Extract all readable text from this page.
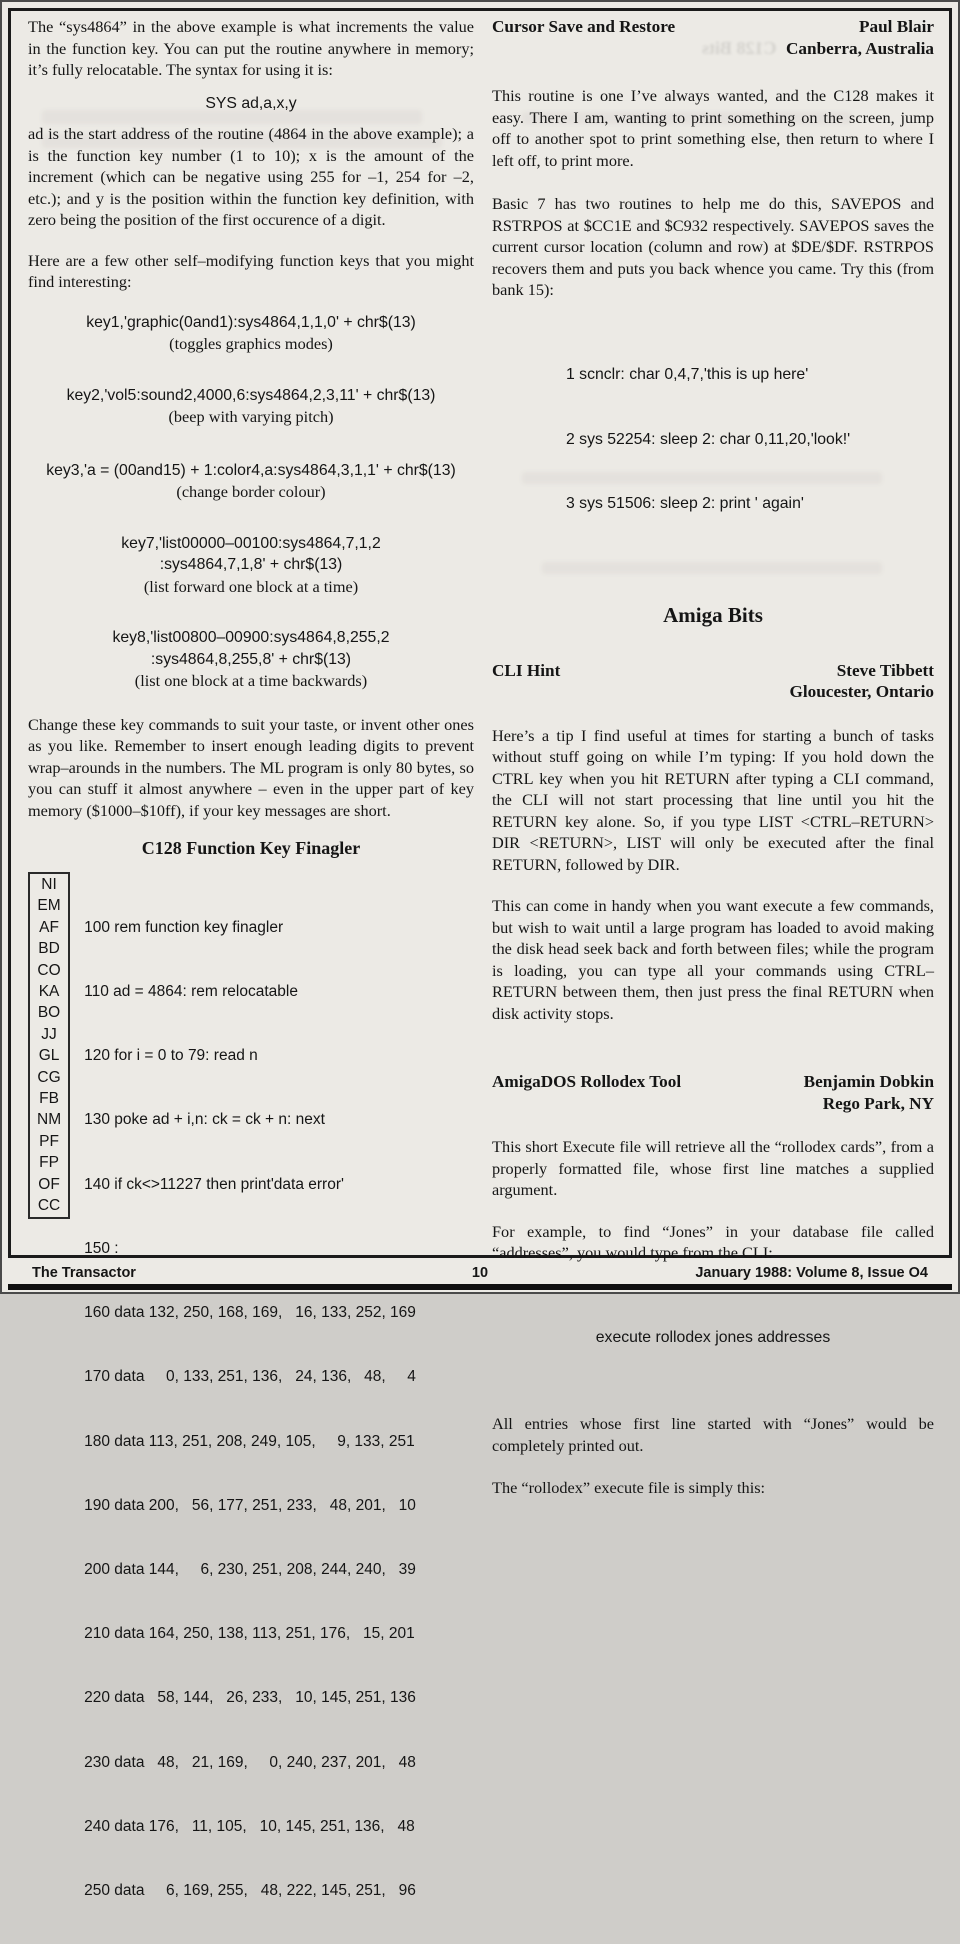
C128 Bits

The “sys4864” in the above example is what increments the value in the function key. You can put the routine anywhere in memory; it’s fully relocatable. The syntax for using it is:

SYS ad,a,x,y

ad is the start address of the routine (4864 in the above example); a is the function key number (1 to 10); x is the amount of the increment (which can be negative using 255 for –1, 254 for –2, etc.); and y is the position within the function key definition, with zero being the position of the first occurence of a digit.

Here are a few other self–modifying function keys that you might find interesting:

key1,'graphic(0and1):sys4864,1,1,0' + chr$(13)
(toggles graphics modes)
key2,'vol5:sound2,4000,6:sys4864,2,3,11' + chr$(13)
(beep with varying pitch)
key3,'a = (00and15) + 1:color4,a:sys4864,3,1,1' + chr$(13)
(change border colour)
key7,'list00000–00100:sys4864,7,1,2
:sys4864,7,1,8' + chr$(13)
(list forward one block at a time)
key8,'list00800–00900:sys4864,8,255,2
:sys4864,8,255,8' + chr$(13)
(list one block at a time backwards)

Change these key commands to suit your taste, or invent other ones as you like. Remember to insert enough leading digits to prevent wrap–arounds in the numbers. The ML program is only 80 bytes, so you can stuff it almost anywhere – even in the upper part of key memory ($1000–$10ff), if your key messages are short.

C128 Function Key Finagler
NI
EM
AF
BD
CO
KA
BO
JJ
GL
CG
FB
NM
PF
FP
OF
CC

100 rem function key finagler

110 ad = 4864: rem relocatable

120 for i = 0 to 79: read n

130 poke ad + i,n: ck = ck + n: next

140 if ck<>11227 then print'data error'

150 :

160 data 132, 250, 168, 169,   16, 133, 252, 169

170 data     0, 133, 251, 136,   24, 136,   48,     4

180 data 113, 251, 208, 249, 105,     9, 133, 251

190 data 200,   56, 177, 251, 233,   48, 201,   10

200 data 144,     6, 230, 251, 208, 244, 240,   39

210 data 164, 250, 138, 113, 251, 176,   15, 201

220 data   58, 144,   26, 233,   10, 145, 251, 136

230 data   48,   21, 169,     0, 240, 237, 201,   48

240 data 176,   11, 105,   10, 145, 251, 136,   48

250 data     6, 169, 255,   48, 222, 145, 251,   96

Cursor Save and Restore	Paul Blair
Canberra, Australia

This routine is one I’ve always wanted, and the C128 makes it easy. There I am, wanting to print something on the screen, jump off to another spot to print something else, then return to where I left off, to print more.

Basic 7 has two routines to help me do this, SAVEPOS and RSTRPOS at $CC1E and $C932 respectively. SAVEPOS saves the current cursor location (column and row) at $DE/$DF. RSTRPOS recovers them and puts you back whence you came. Try this (from bank 15):

1 scnclr: char 0,4,7,'this is up here'

2 sys 52254: sleep 2: char 0,11,20,'look!'

3 sys 51506: sleep 2: print ' again'

Amiga Bits
CLI Hint	Steve Tibbett
Gloucester, Ontario

Here’s a tip I find useful at times for starting a bunch of tasks without stuff going on while I’m typing: If you hold down the CTRL key when you hit RETURN after typing a CLI command, the CLI will not start processing that line until you hit the RETURN key alone. So, if you type LIST <CTRL–RETURN> DIR <RETURN>, LIST will only be executed after the final RETURN, followed by DIR.

This can come in handy when you want execute a few commands, but wish to wait until a large program has loaded to avoid making the disk head seek back and forth between files; while the program is loading, you can type all your commands using CTRL–RETURN between them, then just press the final RETURN when disk activity stops.

AmigaDOS Rollodex Tool	Benjamin Dobkin
Rego Park, NY

This short Execute file will retrieve all the “rollodex cards”, from a properly formatted file, whose first line matches a supplied argument.

For example, to find “Jones” in your database file called “addresses”, you would type from the CLI:

execute rollodex jones addresses

All entries whose first line started with “Jones” would be completely printed out.

The “rollodex” execute file is simply this:

The Transactor	10	January 1988: Volume 8, Issue O4
